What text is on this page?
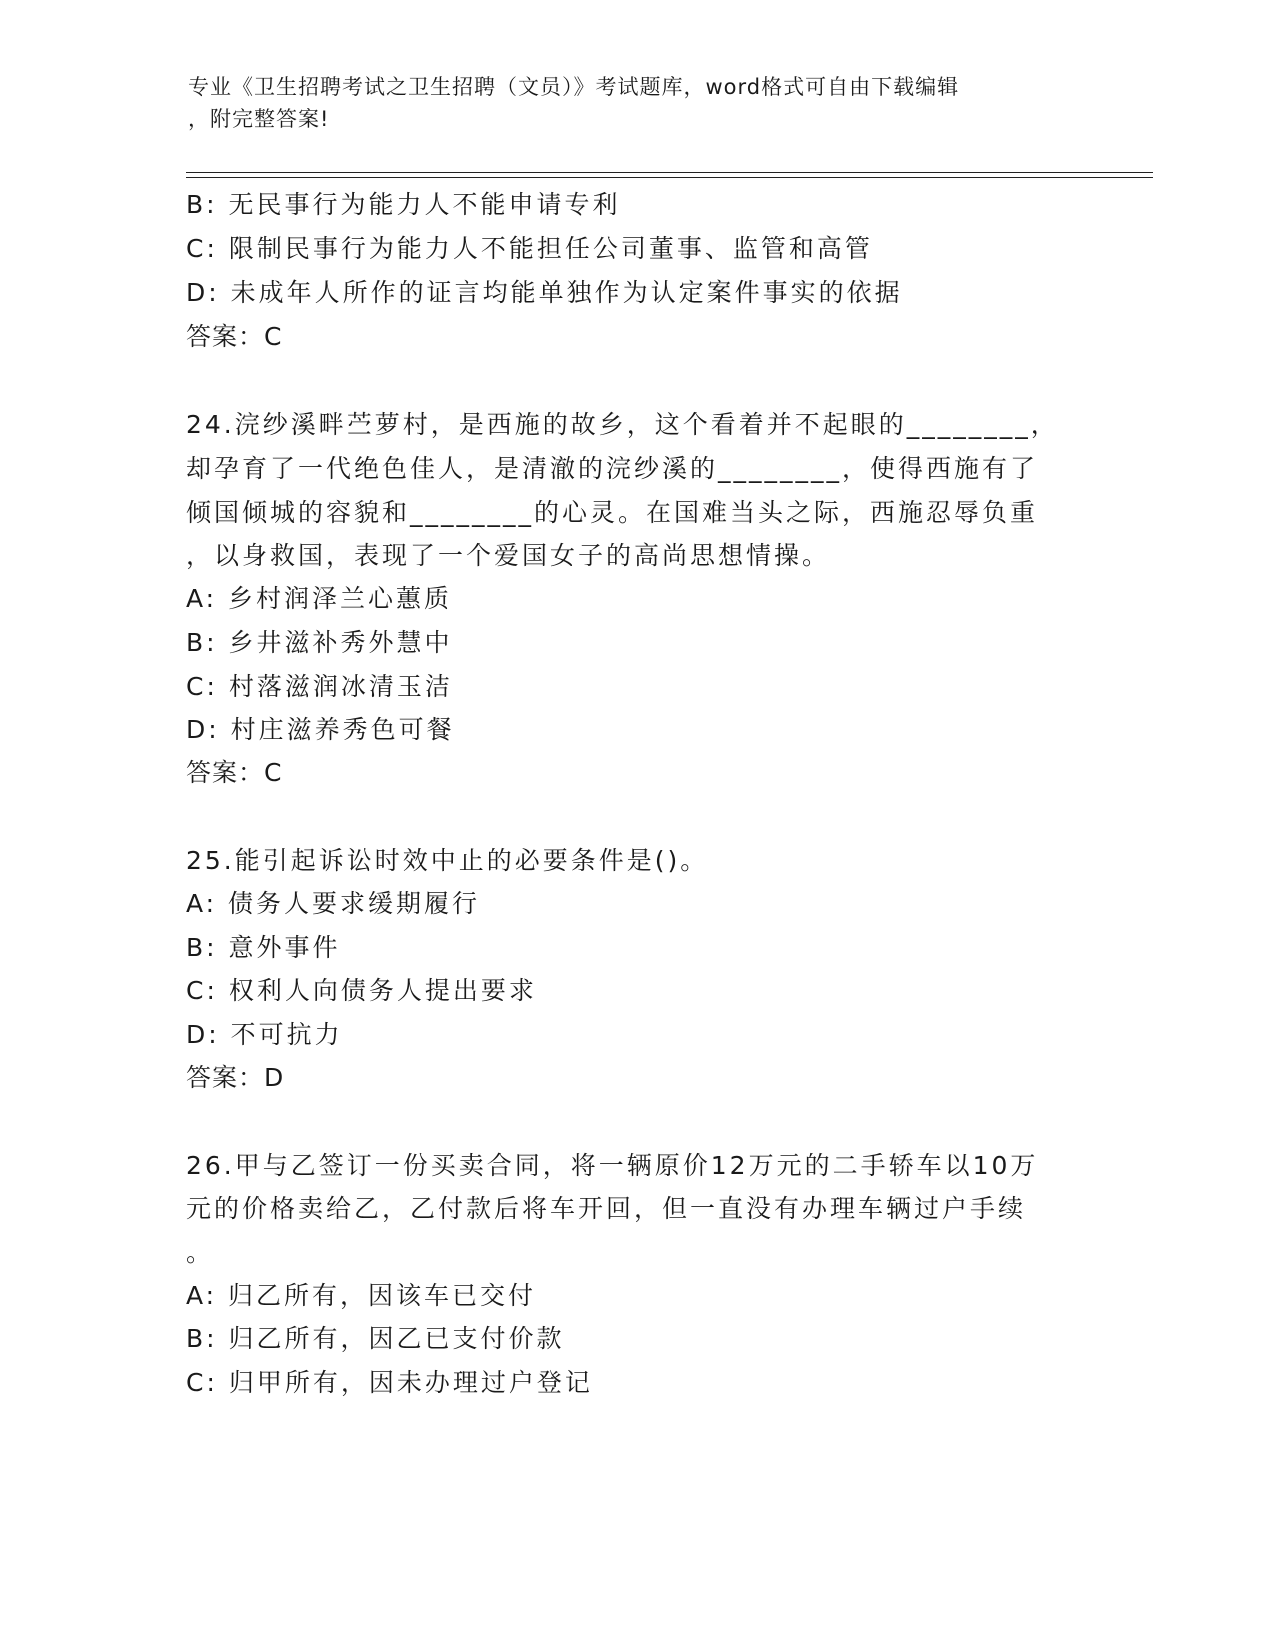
专业《卫生招聘考试之卫生招聘（文员）》考试题库，word格式可自由下载编辑
，附完整答案!
B: 无民事行为能力人不能申请专利
C: 限制民事行为能力人不能担任公司董事、监管和高管
D: 未成年人所作的证言均能单独作为认定案件事实的依据
答案：C
24.浣纱溪畔苎萝村，是西施的故乡，这个看着并不起眼的________，
却孕育了一代绝色佳人，是清澈的浣纱溪的________，使得西施有了
倾国倾城的容貌和________的心灵。在国难当头之际，西施忍辱负重
，以身救国，表现了一个爱国女子的高尚思想情操。
A: 乡村润泽兰心蕙质
B: 乡井滋补秀外慧中
C: 村落滋润冰清玉洁
D: 村庄滋养秀色可餐
答案：C
25.能引起诉讼时效中止的必要条件是()。
A: 债务人要求缓期履行
B: 意外事件
C: 权利人向债务人提出要求
D: 不可抗力
答案：D
26.甲与乙签订一份买卖合同，将一辆原价12万元的二手轿车以10万
元的价格卖给乙，乙付款后将车开回，但一直没有办理车辆过户手续
。
A: 归乙所有，因该车已交付
B: 归乙所有，因乙已支付价款
C: 归甲所有，因未办理过户登记
